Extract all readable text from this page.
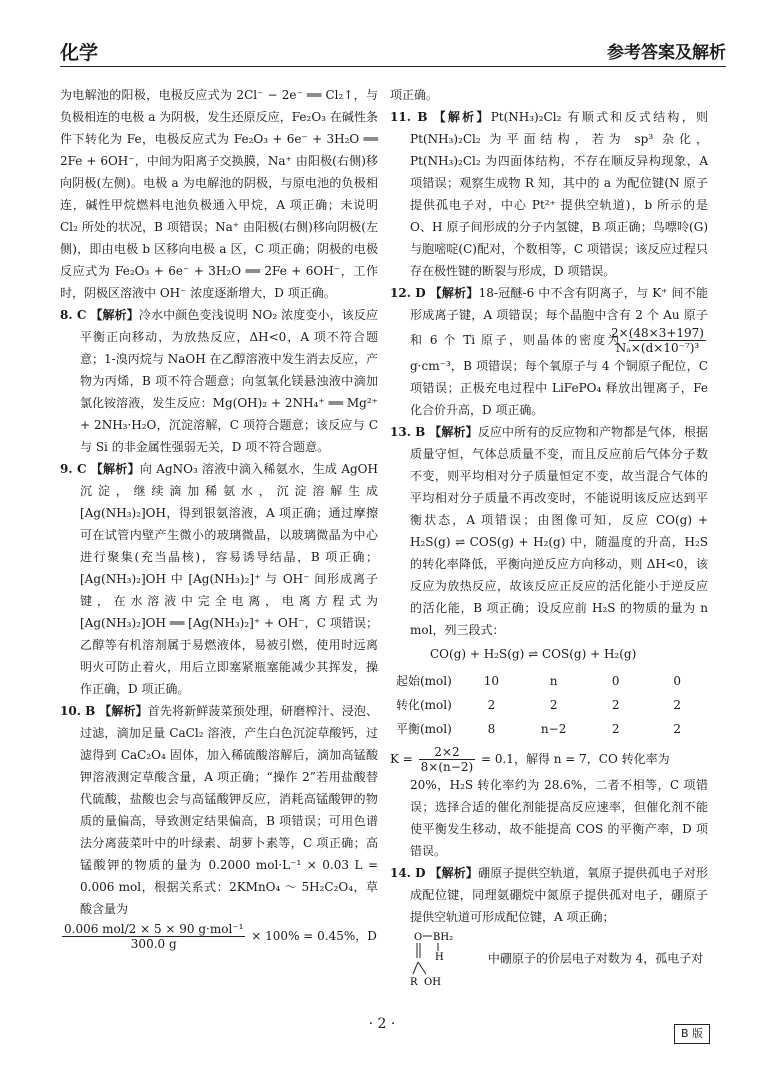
化学	参考答案及解析

为电解池的阳极，电极反应式为 2Cl⁻ − 2e⁻ ══ Cl₂↑，与负极相连的电极 a 为阴极，发生还原反应，Fe₂O₃ 在碱性条件下转化为 Fe，电极反应式为 Fe₂O₃ + 6e⁻ + 3H₂O ══ 2Fe + 6OH⁻，中间为阳离子交换膜，Na⁺ 由阳极(右侧)移向阴极(左侧)。电极 a 为电解池的阴极，与原电池的负极相连，碱性甲烷燃料电池负极通入甲烷，A 项正确；未说明 Cl₂ 所处的状况，B 项错误；Na⁺ 由阳极(右侧)移向阴极(左侧)，即由电极 b 区移向电极 a 区，C 项正确；阴极的电极反应式为 Fe₂O₃ + 6e⁻ + 3H₂O ══ 2Fe + 6OH⁻，工作时，阴极区溶液中 OH⁻ 浓度逐渐增大，D 项正确。

8. C 【解析】冷水中颜色变浅说明 NO₂ 浓度变小，该反应平衡正向移动，为放热反应，ΔH<0，A 项不符合题意；1-溴丙烷与 NaOH 在乙醇溶液中发生消去反应，产物为丙烯，B 项不符合题意；向氢氧化镁悬浊液中滴加氯化铵溶液，发生反应：Mg(OH)₂ + 2NH₄⁺ ══ Mg²⁺ + 2NH₃·H₂O，沉淀溶解，C 项符合题意；该反应与 C 与 Si 的非金属性强弱无关，D 项不符合题意。

9. C 【解析】向 AgNO₃ 溶液中滴入稀氨水，生成 AgOH 沉淀，继续滴加稀氨水，沉淀溶解生成 [Ag(NH₃)₂]OH，得到银氨溶液，A 项正确；通过摩擦可在试管内壁产生微小的玻璃微晶，以玻璃微晶为中心进行聚集(充当晶核)，容易诱导结晶，B 项正确；[Ag(NH₃)₂]OH 中 [Ag(NH₃)₂]⁺ 与 OH⁻ 间形成离子键，在水溶液中完全电离，电离方程式为 [Ag(NH₃)₂]OH ══ [Ag(NH₃)₂]⁺ + OH⁻，C 项错误；乙醇等有机溶剂属于易燃液体，易被引燃，使用时远离明火可防止着火，用后立即塞紧瓶塞能减少其挥发，操作正确，D 项正确。

10. B 【解析】首先将新鲜菠菜预处理，研磨榨汁、浸泡、过滤，滴加足量 CaCl₂ 溶液，产生白色沉淀草酸钙，过滤得到 CaC₂O₄ 固体，加入稀硫酸溶解后，滴加高锰酸钾溶液测定草酸含量，A 项正确；“操作 2”若用盐酸替代硫酸，盐酸也会与高锰酸钾反应，消耗高锰酸钾的物质的量偏高，导致测定结果偏高，B 项错误；可用色谱法分离菠菜叶中的叶绿素、胡萝卜素等，C 项正确；高锰酸钾的物质的量为 0.2000 mol·L⁻¹ × 0.03 L = 0.006 mol，根据关系式：2KMnO₄ ～ 5H₂C₂O₄，草酸含量为

$\frac{\text{0.006 mol/2 × 5 × 90 g·mol⁻¹}}{300.0 g} \times 100\% = 0.45\%$，D

项正确。

11. B 【解析】Pt(NH₃)₂Cl₂ 有顺式和反式结构，则 Pt(NH₃)₂Cl₂ 为平面结构，若为 sp³ 杂化，Pt(NH₃)₂Cl₂ 为四面体结构，不存在顺反异构现象，A 项错误；观察生成物 R 知，其中的 a 为配位键(N 原子提供孤电子对，中心 Pt²⁺ 提供空轨道)，b 所示的是 O、H 原子间形成的分子内氢键，B 项正确；鸟嘌呤(G)与胞嘧啶(C)配对，个数相等，C 项错误；该反应过程只存在极性键的断裂与形成，D 项错误。

12. D 【解析】18-冠醚-6 中不含有阴离子，与 K⁺ 间不能形成离子键，A 项错误；每个晶胞中含有 2 个 Au 原子和 6 个 Ti 原子，则晶体的密度为 $\frac{2\times(48\times 3+197)}{\text{Nₐ×(d×10⁻⁷)³}}$
g·cm⁻³，B 项错误；每个氧原子与 4 个铜原子配位，C 项错误；正极充电过程中 LiFePO₄ 释放出锂离子，Fe 化合价升高，D 项正确。

13. B 【解析】反应中所有的反应物和产物都是气体，根据质量守恒，气体总质量不变，而且反应前后气体分子数不变，则平均相对分子质量恒定不变，故当混合气体的平均相对分子质量不再改变时，不能说明该反应达到平衡状态，A 项错误；由图像可知，反应 CO(g) + H₂S(g) ⇌ COS(g) + H₂(g) 中，随温度的升高，H₂S 的转化率降低，平衡向逆反应方向移动，则 ΔH<0，该反应为放热反应，故该反应正反应的活化能小于逆反应的活化能，B 项正确；设反应前 H₂S 的物质的量为 n mol，列三段式：

CO(g) + H₂S(g) ⇌ COS(g) + H₂(g)
起始(mol)	10	n	0	0
转化(mol)	2	2	2	2
平衡(mol)	8	n−2	2	2
$K = \frac{2\times 2}{8\times(n-2)} = 0.1$，解得 n = 7，CO 转化率为

20%，H₂S 转化率约为 28.6%，二者不相等，C 项错误；选择合适的催化剂能提高反应速率，但催化剂不能使平衡发生移动，故不能提高 COS 的平衡产率，D 项错误。

14. D 【解析】硼原子提供空轨道，氧原子提供孤电子对形成配位键，同理氨硼烷中氮原子提供孤对电子，硼原子提供空轨道可形成配位键，A 项正确；

O BH₂
H
R OH
中硼原子的价层电子对数为 4，孤电子对
· 2 ·
B 版
